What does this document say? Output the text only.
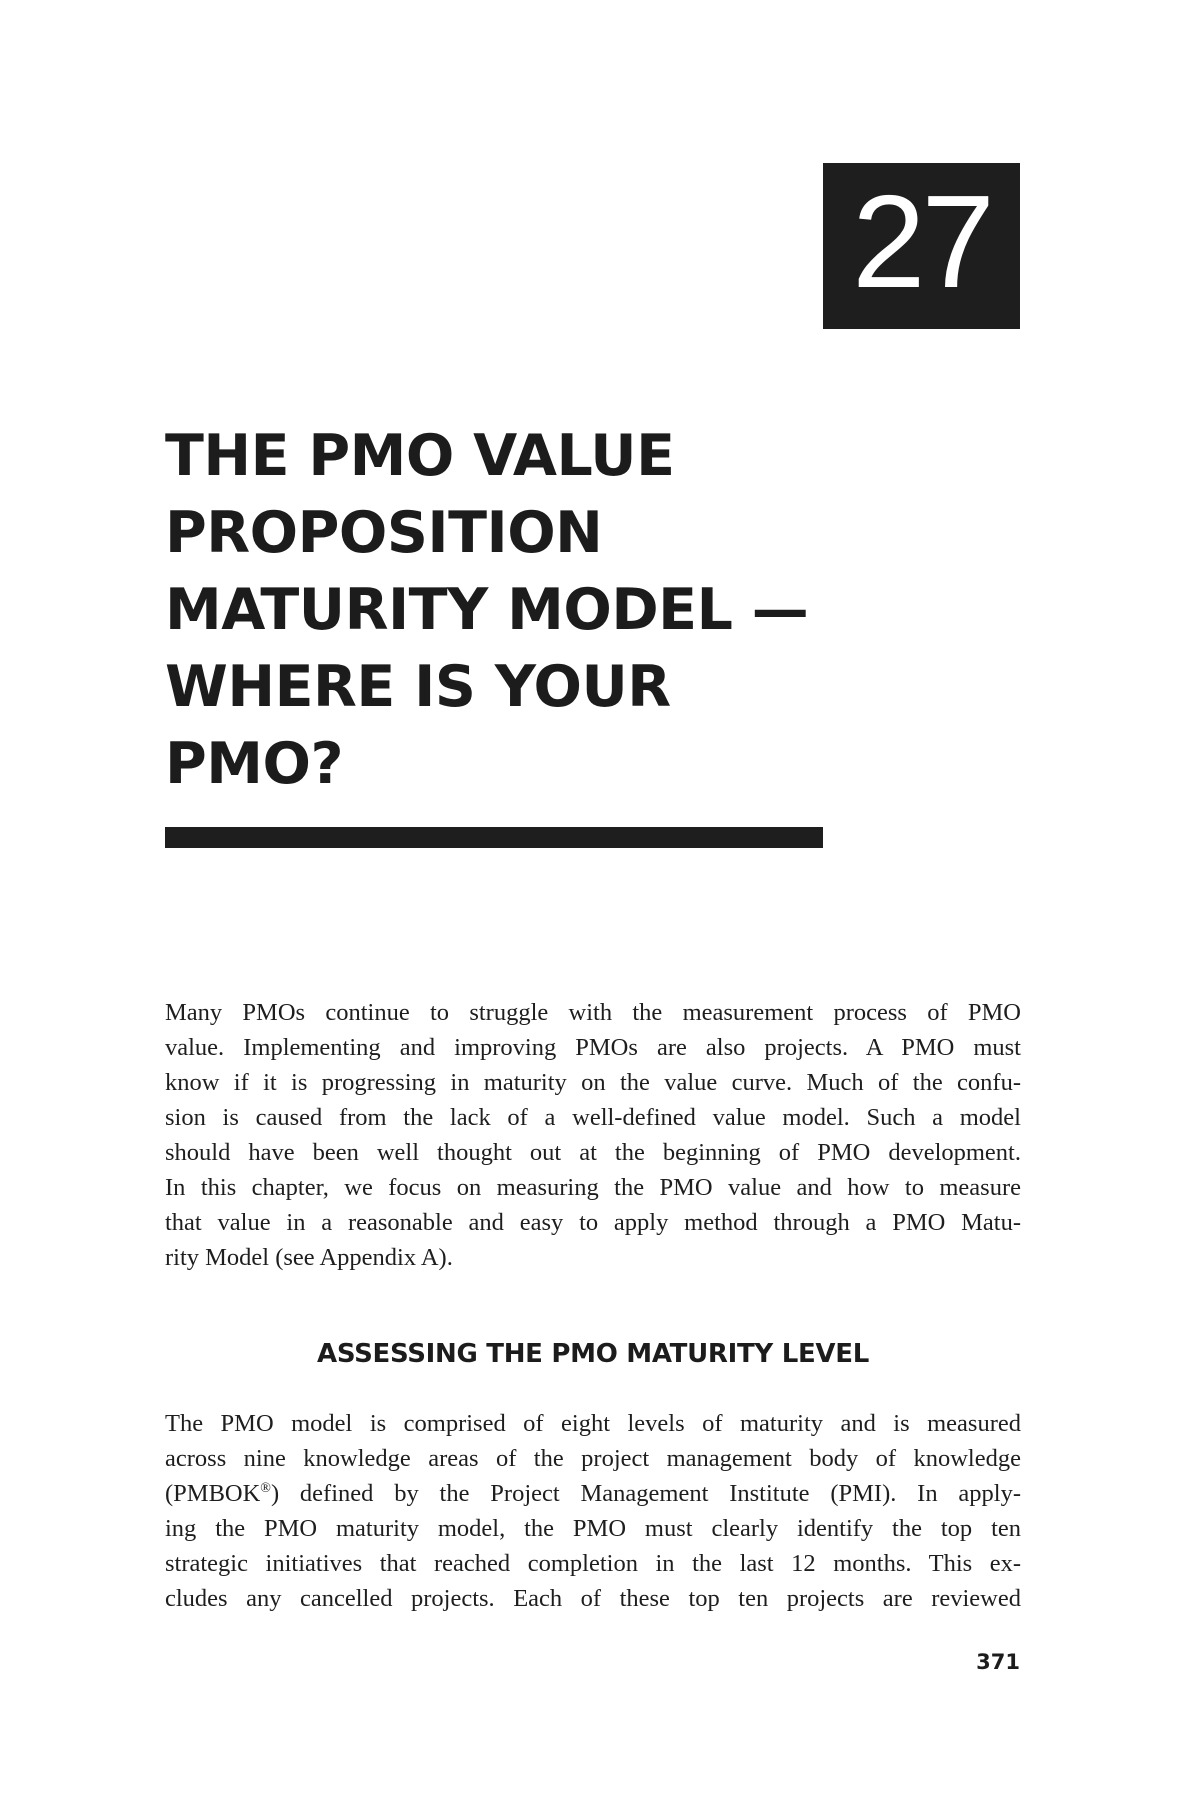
27
THE PMO VALUE
PROPOSITION
MATURITY MODEL —
WHERE IS YOUR
PMO?

Many PMOs continue to struggle with the measurement process of PMO
value. Implementing and improving PMOs are also projects. A PMO must
know if it is progressing in maturity on the value curve. Much of the confu-
sion is caused from the lack of a well-defined value model. Such a model
should have been well thought out at the beginning of PMO development.
In this chapter, we focus on measuring the PMO value and how to measure
that value in a reasonable and easy to apply method through a PMO Matu-
rity Model (see Appendix A).

ASSESSING THE PMO MATURITY LEVEL

The PMO model is comprised of eight levels of maturity and is measured
across nine knowledge areas of the project management body of knowledge
(PMBOK®) defined by the Project Management Institute (PMI). In apply-
ing the PMO maturity model, the PMO must clearly identify the top ten
strategic initiatives that reached completion in the last 12 months. This ex-
cludes any cancelled projects. Each of these top ten projects are reviewed

371
